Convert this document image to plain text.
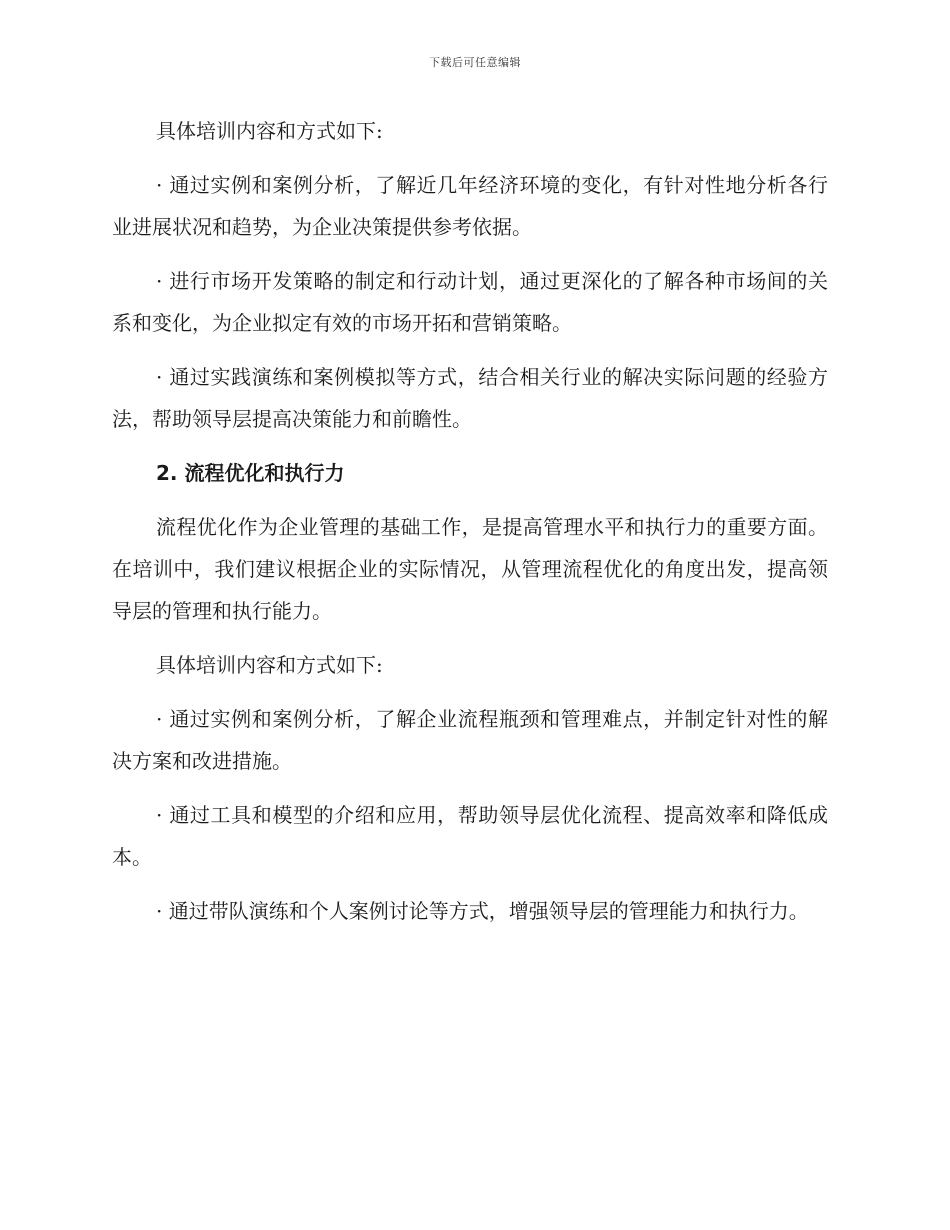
下载后可任意编辑

具体培训内容和方式如下:

· 通过实例和案例分析，了解近几年经济环境的变化，有针对性地分析各行业进展状况和趋势，为企业决策提供参考依据。

· 进行市场开发策略的制定和行动计划，通过更深化的了解各种市场间的关系和变化，为企业拟定有效的市场开拓和营销策略。

· 通过实践演练和案例模拟等方式，结合相关行业的解决实际问题的经验方法，帮助领导层提高决策能力和前瞻性。

2. 流程优化和执行力

流程优化作为企业管理的基础工作，是提高管理水平和执行力的重要方面。在培训中，我们建议根据企业的实际情况，从管理流程优化的角度出发，提高领导层的管理和执行能力。

具体培训内容和方式如下:

· 通过实例和案例分析，了解企业流程瓶颈和管理难点，并制定针对性的解决方案和改进措施。

· 通过工具和模型的介绍和应用，帮助领导层优化流程、提高效率和降低成本。

· 通过带队演练和个人案例讨论等方式，增强领导层的管理能力和执行力。
